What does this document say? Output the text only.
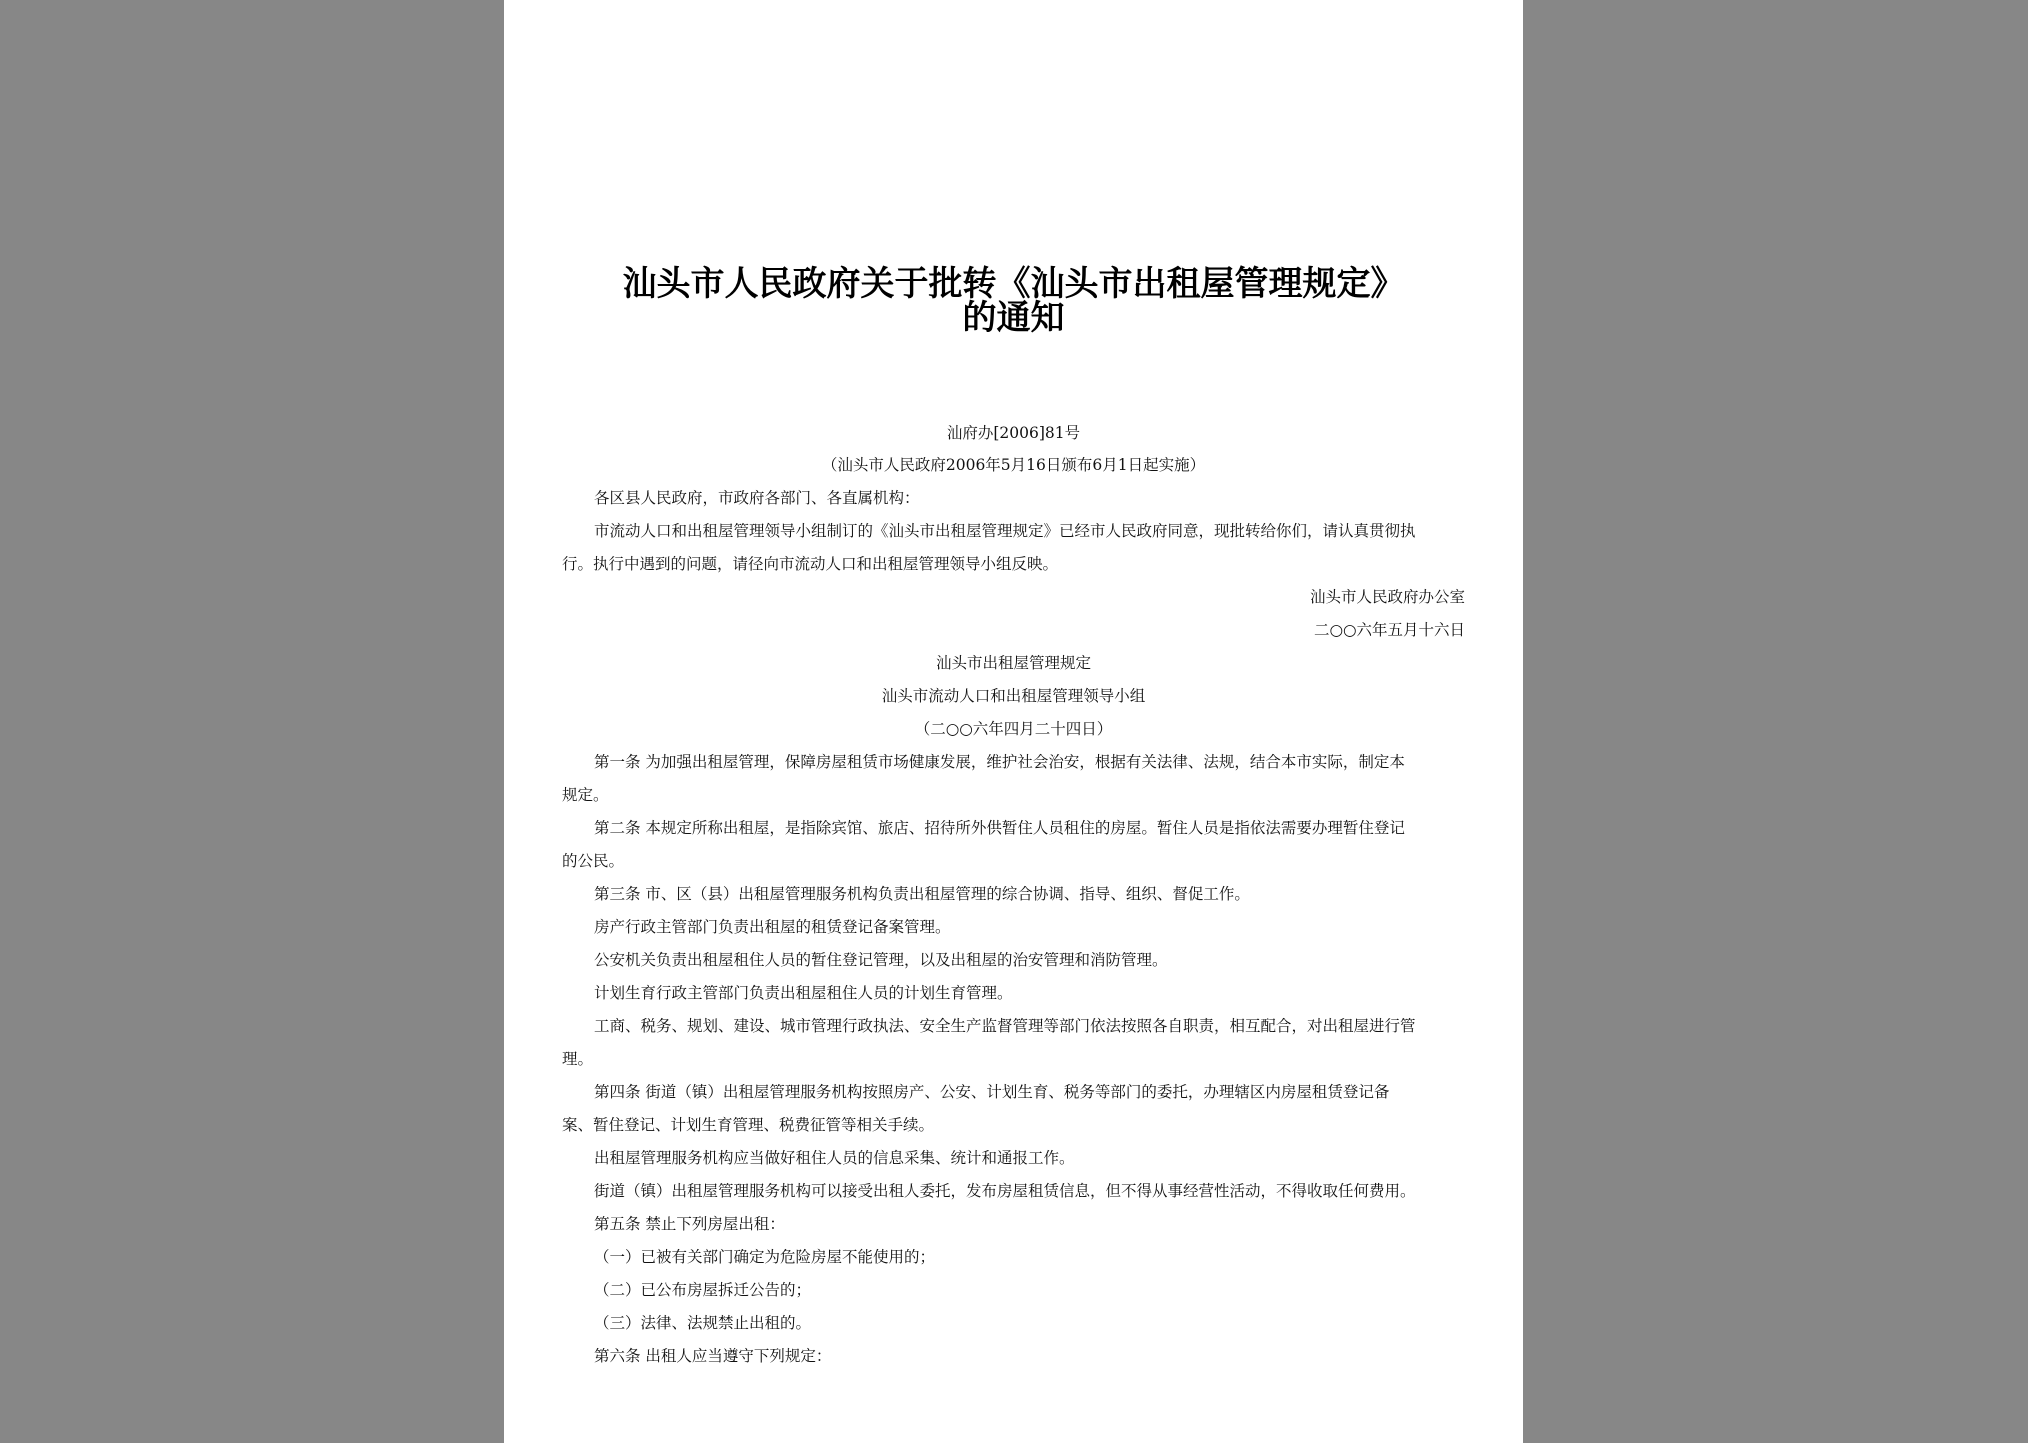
汕头市人民政府关于批转《汕头市出租屋管理规定》
的通知
汕府办[2006]81号
（汕头市人民政府2006年5月16日颁布6月1日起实施）
各区县人民政府，市政府各部门、各直属机构：
市流动人口和出租屋管理领导小组制订的《汕头市出租屋管理规定》已经市人民政府同意，现批转给你们，请认真贯彻执
行。执行中遇到的问题，请径向市流动人口和出租屋管理领导小组反映。
汕头市人民政府办公室
二○○六年五月十六日
汕头市出租屋管理规定
汕头市流动人口和出租屋管理领导小组
（二○○六年四月二十四日）
第一条 为加强出租屋管理，保障房屋租赁市场健康发展，维护社会治安，根据有关法律、法规，结合本市实际，制定本
规定。
第二条 本规定所称出租屋，是指除宾馆、旅店、招待所外供暂住人员租住的房屋。暂住人员是指依法需要办理暂住登记
的公民。
第三条 市、区（县）出租屋管理服务机构负责出租屋管理的综合协调、指导、组织、督促工作。
房产行政主管部门负责出租屋的租赁登记备案管理。
公安机关负责出租屋租住人员的暂住登记管理，以及出租屋的治安管理和消防管理。
计划生育行政主管部门负责出租屋租住人员的计划生育管理。
工商、税务、规划、建设、城市管理行政执法、安全生产监督管理等部门依法按照各自职责，相互配合，对出租屋进行管
理。
第四条 街道（镇）出租屋管理服务机构按照房产、公安、计划生育、税务等部门的委托，办理辖区内房屋租赁登记备
案、暂住登记、计划生育管理、税费征管等相关手续。
出租屋管理服务机构应当做好租住人员的信息采集、统计和通报工作。
街道（镇）出租屋管理服务机构可以接受出租人委托，发布房屋租赁信息，但不得从事经营性活动，不得收取任何费用。
第五条 禁止下列房屋出租：
（一）已被有关部门确定为危险房屋不能使用的；
（二）已公布房屋拆迁公告的；
（三）法律、法规禁止出租的。
第六条 出租人应当遵守下列规定：
